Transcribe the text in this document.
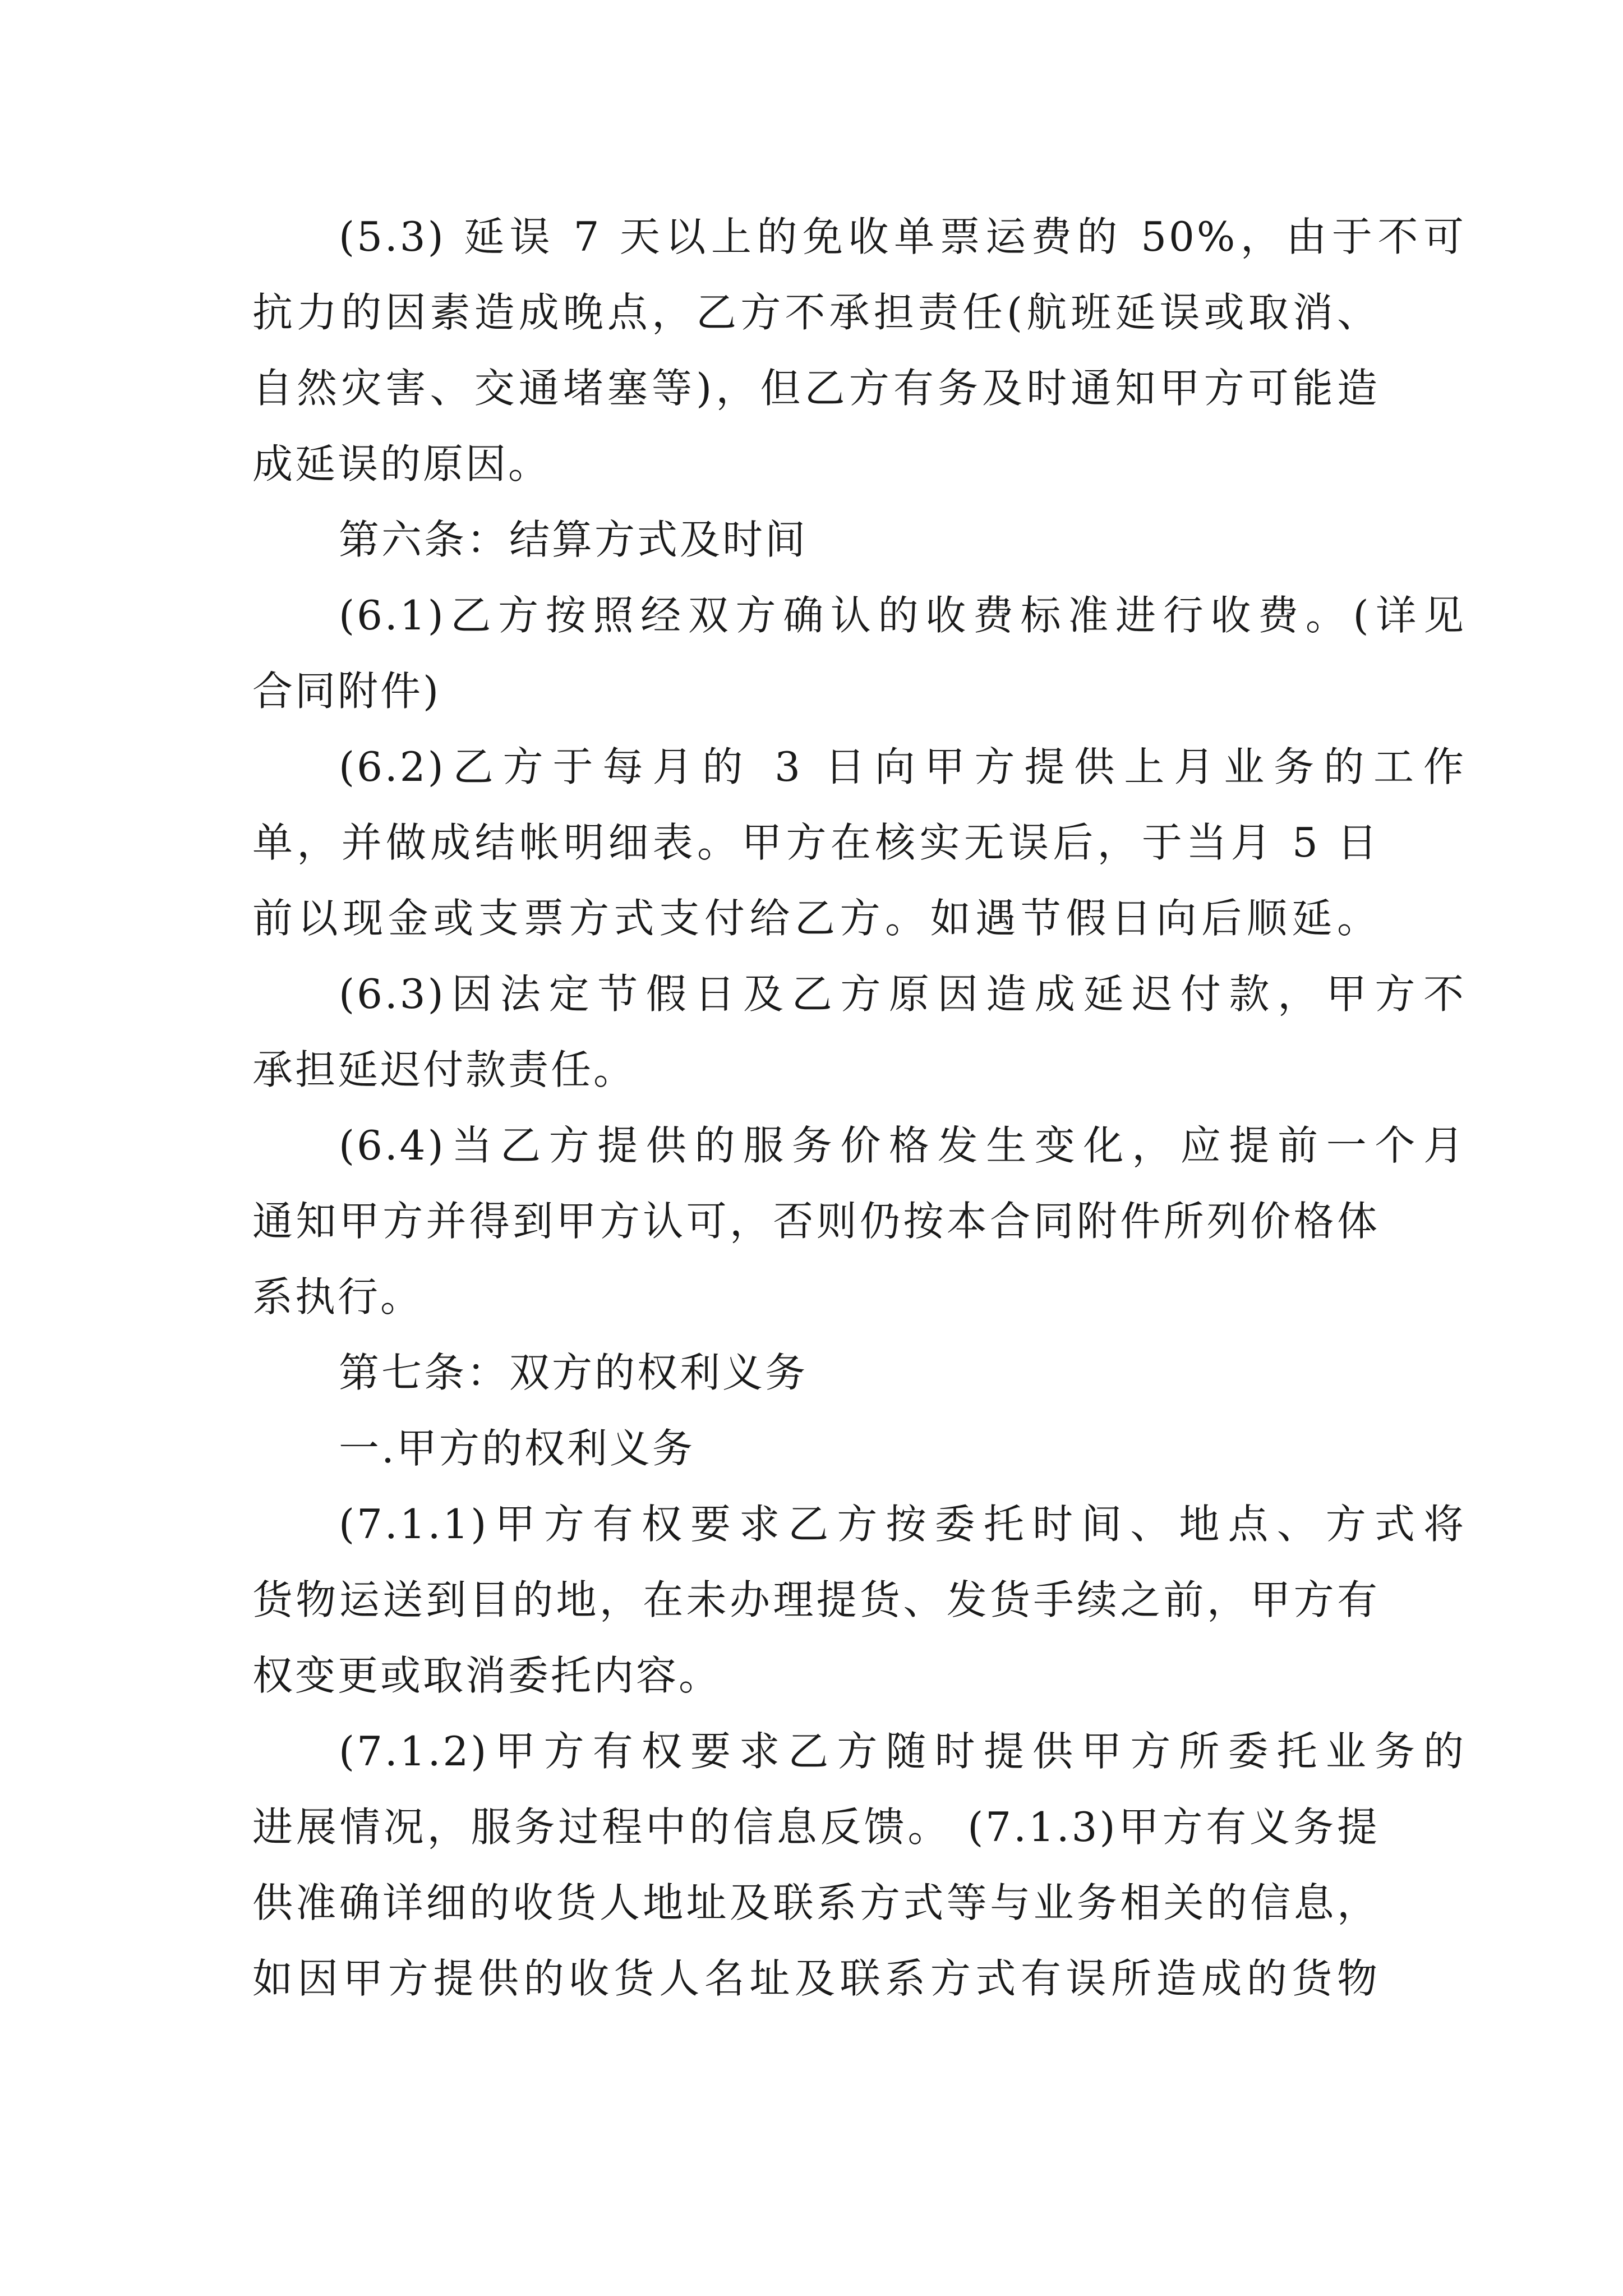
(5.3) 延误 7 天以上的免收单票运费的 50%，由于不可
抗力的因素造成晚点，乙方不承担责任(航班延误或取消、
自然灾害、交通堵塞等)，但乙方有务及时通知甲方可能造
成延误的原因。
第六条：结算方式及时间
(6.1)乙方按照经双方确认的收费标准进行收费。(详见
合同附件)
(6.2)乙方于每月的 3 日向甲方提供上月业务的工作
单，并做成结帐明细表。甲方在核实无误后，于当月 5 日
前以现金或支票方式支付给乙方。如遇节假日向后顺延。
(6.3)因法定节假日及乙方原因造成延迟付款，甲方不
承担延迟付款责任。
(6.4)当乙方提供的服务价格发生变化，应提前一个月
通知甲方并得到甲方认可，否则仍按本合同附件所列价格体
系执行。
第七条：双方的权利义务
一.甲方的权利义务
(7.1.1)甲方有权要求乙方按委托时间、地点、方式将
货物运送到目的地，在未办理提货、发货手续之前，甲方有
权变更或取消委托内容。
(7.1.2)甲方有权要求乙方随时提供甲方所委托业务的
进展情况，服务过程中的信息反馈。 (7.1.3)甲方有义务提
供准确详细的收货人地址及联系方式等与业务相关的信息，
如因甲方提供的收货人名址及联系方式有误所造成的货物
